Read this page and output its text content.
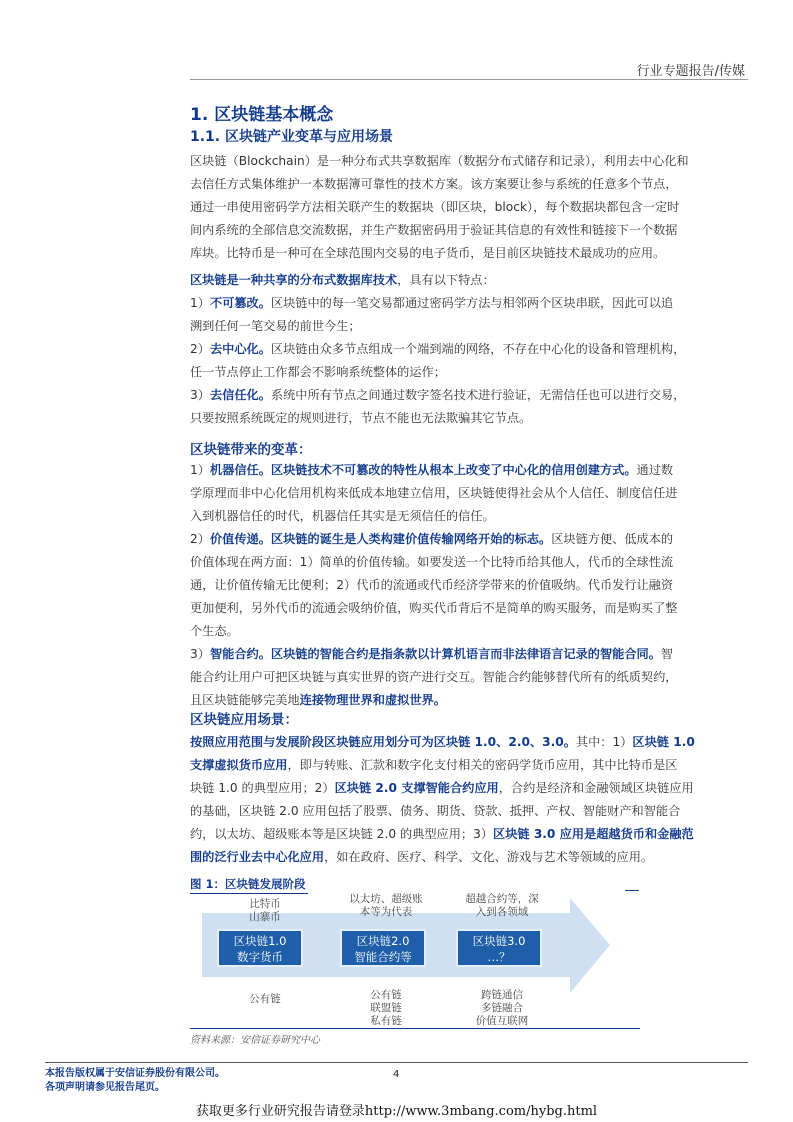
行业专题报告/传媒
1. 区块链基本概念
1.1. 区块链产业变革与应用场景
区块链（Blockchain）是一种分布式共享数据库（数据分布式储存和记录），利用去中心化和
去信任方式集体维护一本数据簿可靠性的技术方案。该方案要让参与系统的任意多个节点，
通过一串使用密码学方法相关联产生的数据块（即区块，block），每个数据块都包含一定时
间内系统的全部信息交流数据，并生产数据密码用于验证其信息的有效性和链接下一个数据
库块。比特币是一种可在全球范围内交易的电子货币，是目前区块链技术最成功的应用。
区块链是一种共享的分布式数据库技术，具有以下特点：
1）不可篡改。区块链中的每一笔交易都通过密码学方法与相邻两个区块串联，因此可以追
溯到任何一笔交易的前世今生；
2）去中心化。区块链由众多节点组成一个端到端的网络，不存在中心化的设备和管理机构，
任一节点停止工作都会不影响系统整体的运作；
3）去信任化。系统中所有节点之间通过数字签名技术进行验证，无需信任也可以进行交易，
只要按照系统既定的规则进行，节点不能也无法欺骗其它节点。
区块链带来的变革：
1）机器信任。区块链技术不可篡改的特性从根本上改变了中心化的信用创建方式。通过数
学原理而非中心化信用机构来低成本地建立信用，区块链使得社会从个人信任、制度信任进
入到机器信任的时代，机器信任其实是无须信任的信任。
2）价值传递。区块链的诞生是人类构建价值传输网络开始的标志。区块链方便、低成本的
价值体现在两方面：1）简单的价值传输。如要发送一个比特币给其他人，代币的全球性流
通，让价值传输无比便利；2）代币的流通或代币经济学带来的价值吸纳。代币发行让融资
更加便利，另外代币的流通会吸纳价值，购买代币背后不是简单的购买服务，而是购买了整
个生态。
3）智能合约。区块链的智能合约是指条款以计算机语言而非法律语言记录的智能合同。智
能合约让用户可把区块链与真实世界的资产进行交互。智能合约能够替代所有的纸质契约，
且区块链能够完美地连接物理世界和虚拟世界。
区块链应用场景：
按照应用范围与发展阶段区块链应用划分可为区块链 1.0、2.0、3.0。其中：1）区块链 1.0
支撑虚拟货币应用，即与转账、汇款和数字化支付相关的密码学货币应用，其中比特币是区
块链 1.0 的典型应用；2）区块链 2.0 支撑智能合约应用，合约是经济和金融领域区块链应用
的基础，区块链 2.0 应用包括了股票、债务、期货、贷款、抵押、产权、智能财产和智能合
约，以太坊、超级账本等是区块链 2.0 的典型应用；3）区块链 3.0 应用是超越货币和金融范
围的泛行业去中心化应用，如在政府、医疗、科学、文化、游戏与艺术等领域的应用。
图 1：区块链发展阶段
比特币
山寨币
以太坊、超级账
本等为代表
超越合约等，深
入到各领域
区块链1.0
数字货币
区块链2.0
智能合约等
区块链3.0
…？
公有链	公有链
联盟链
私有链
跨链通信
多链融合
价值互联网
资料来源：安信证券研究中心
本报告版权属于安信证券股份有限公司。
各项声明请参见报告尾页。
4
获取更多行业研究报告请登录http://www.3mbang.com/hybg.html
